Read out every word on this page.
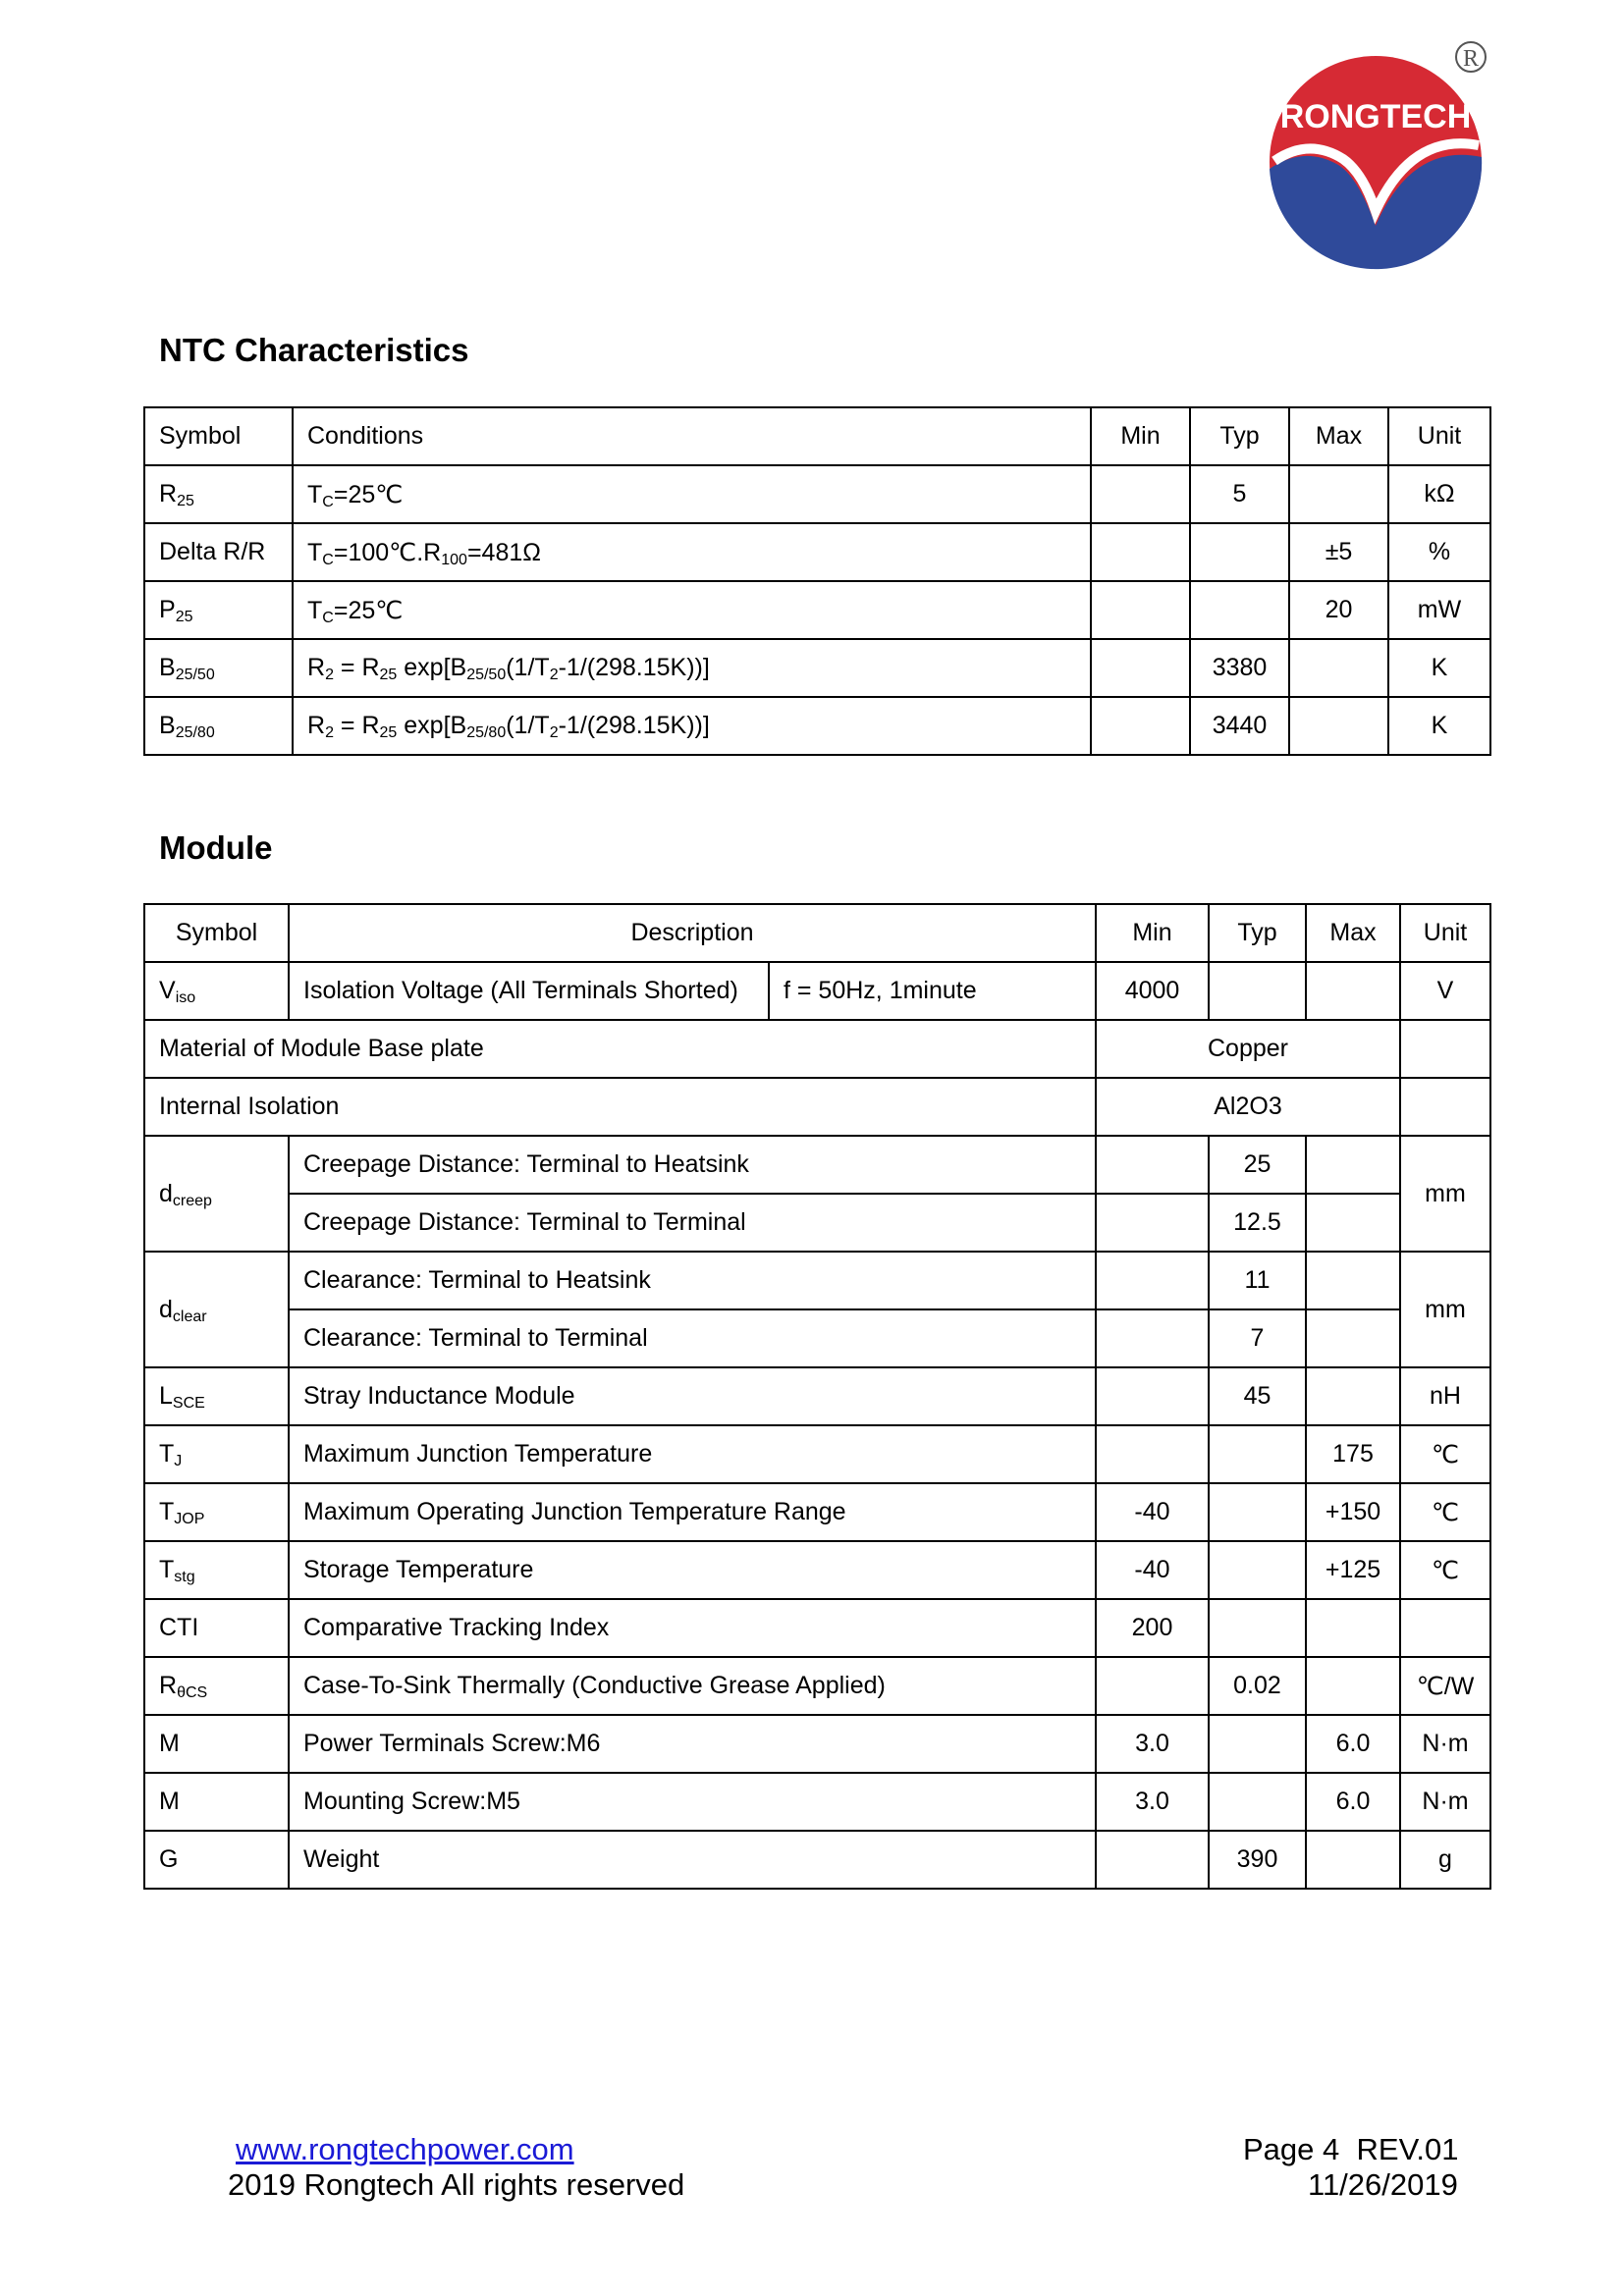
RONGTECH
R
NTC Characteristics
Symbol	Conditions	Min	Typ	Max	Unit
$R_{25}$	$T_C=25℃$		5		kΩ
Delta R/R	$T_C=100℃.R_{100}=481\Omega$			±5	%
$P_{25}$	$T_C=25℃$			20	mW
$B_{25/50}$	$R_2 = R_{25}$ $\exp[B_{25/50}(1/T_2-1/(298.15K))]$		3380		K
$B_{25/80}$	$R_2 = R_{25}$ $\exp[B_{25/80}(1/T_2-1/(298.15K))]$		3440		K
Module
Symbol	Description		Min	Typ	Max	Unit
$V_{iso}$	Isolation Voltage (All Terminals Shorted)	f = 50Hz, 1minute	4000			V
Material of Module Base plate			Copper			
Internal Isolation			Al2O3			
$d_{creep}$	Creepage Distance: Terminal to Heatsink			25		mm
	Creepage Distance: Terminal to Terminal			12.5		
$d_{clear}$	Clearance: Terminal to Heatsink			11		mm
	Clearance: Terminal to Terminal			7		
$L_{SCE}$	Stray Inductance Module			45		nH
$T_J$	Maximum Junction Temperature				175	℃
$T_{JOP}$	Maximum Operating Junction Temperature Range		-40		+150	℃
$T_{stg}$	Storage Temperature		-40		+125	℃
CTI	Comparative Tracking Index		200			
$R_{\theta CS}$	Case-To-Sink Thermally (Conductive Grease Applied)			0.02		℃/W
M	Power Terminals Screw:M6		3.0		6.0	N·m
M	Mounting Screw:M5		3.0		6.0	N·m
G	Weight			390		g
www.rongtechpower.com
2019 Rongtech All rights reserved
Page 4 REV.01
11/26/2019
